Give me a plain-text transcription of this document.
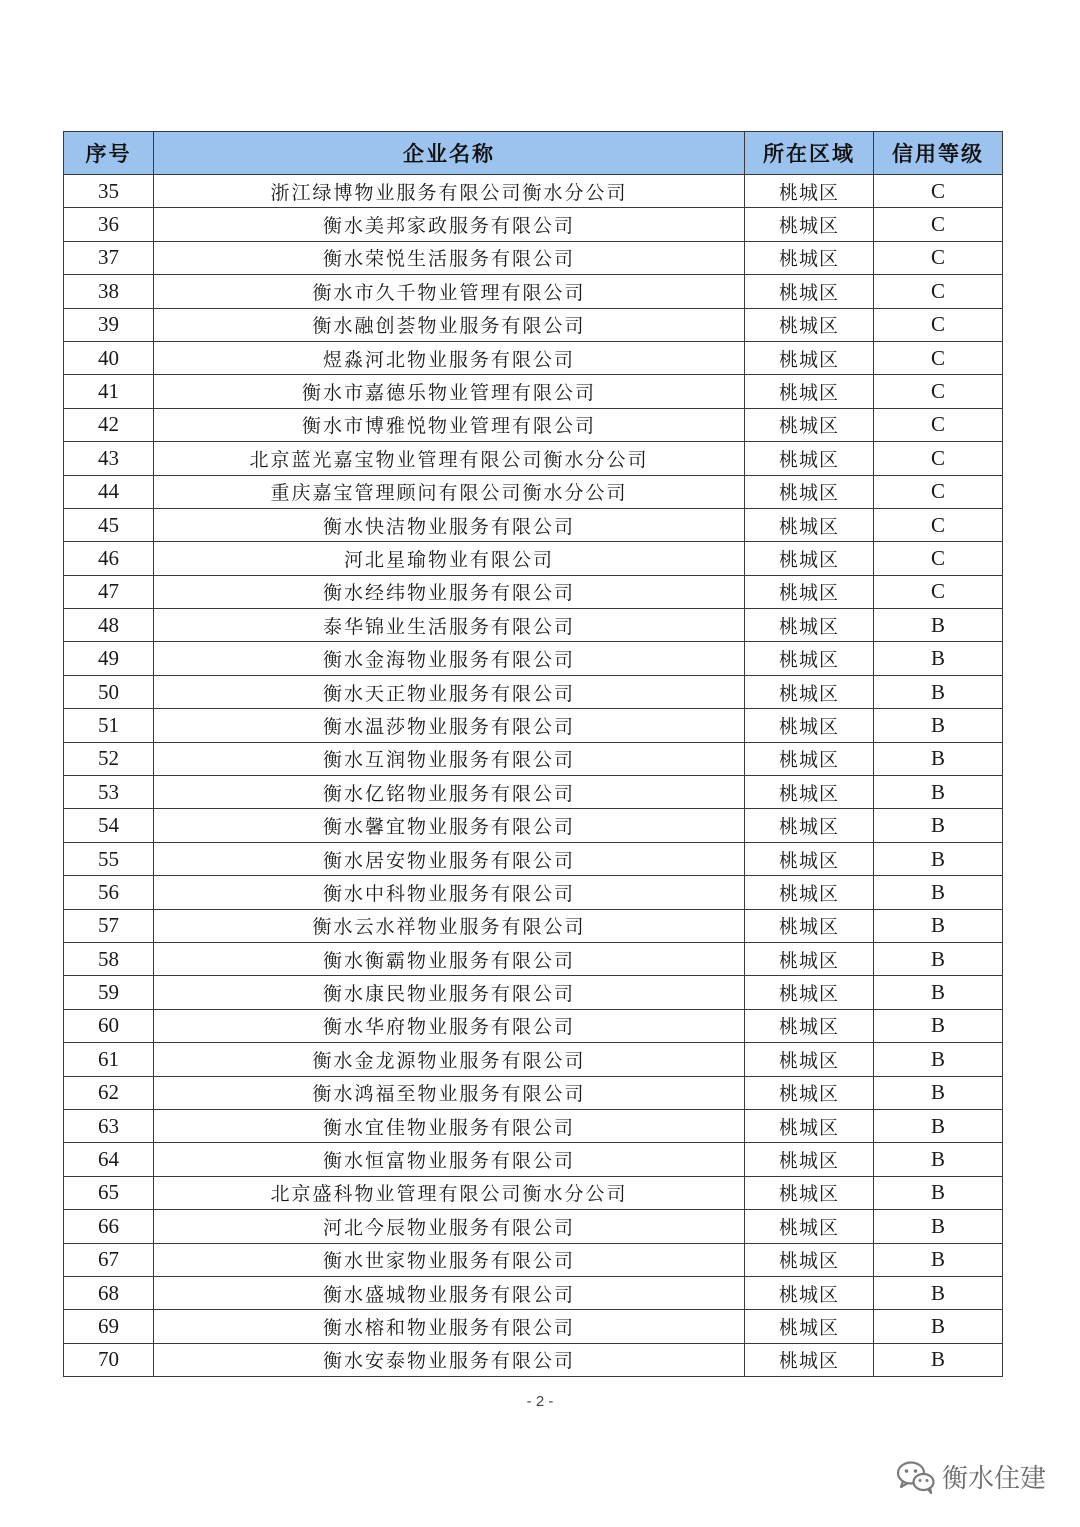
序号	企业名称	所在区域	信用等级
35	浙江绿博物业服务有限公司衡水分公司	桃城区	C
36	衡水美邦家政服务有限公司	桃城区	C
37	衡水荣悦生活服务有限公司	桃城区	C
38	衡水市久千物业管理有限公司	桃城区	C
39	衡水融创荟物业服务有限公司	桃城区	C
40	煜淼河北物业服务有限公司	桃城区	C
41	衡水市嘉德乐物业管理有限公司	桃城区	C
42	衡水市博雅悦物业管理有限公司	桃城区	C
43	北京蓝光嘉宝物业管理有限公司衡水分公司	桃城区	C
44	重庆嘉宝管理顾问有限公司衡水分公司	桃城区	C
45	衡水快洁物业服务有限公司	桃城区	C
46	河北星瑜物业有限公司	桃城区	C
47	衡水经纬物业服务有限公司	桃城区	C
48	泰华锦业生活服务有限公司	桃城区	B
49	衡水金海物业服务有限公司	桃城区	B
50	衡水天正物业服务有限公司	桃城区	B
51	衡水温莎物业服务有限公司	桃城区	B
52	衡水互润物业服务有限公司	桃城区	B
53	衡水亿铭物业服务有限公司	桃城区	B
54	衡水馨宜物业服务有限公司	桃城区	B
55	衡水居安物业服务有限公司	桃城区	B
56	衡水中科物业服务有限公司	桃城区	B
57	衡水云水祥物业服务有限公司	桃城区	B
58	衡水衡霸物业服务有限公司	桃城区	B
59	衡水康民物业服务有限公司	桃城区	B
60	衡水华府物业服务有限公司	桃城区	B
61	衡水金龙源物业服务有限公司	桃城区	B
62	衡水鸿福至物业服务有限公司	桃城区	B
63	衡水宜佳物业服务有限公司	桃城区	B
64	衡水恒富物业服务有限公司	桃城区	B
65	北京盛科物业管理有限公司衡水分公司	桃城区	B
66	河北今辰物业服务有限公司	桃城区	B
67	衡水世家物业服务有限公司	桃城区	B
68	衡水盛城物业服务有限公司	桃城区	B
69	衡水榕和物业服务有限公司	桃城区	B
70	衡水安泰物业服务有限公司	桃城区	B
- 2 -
衡水住建
